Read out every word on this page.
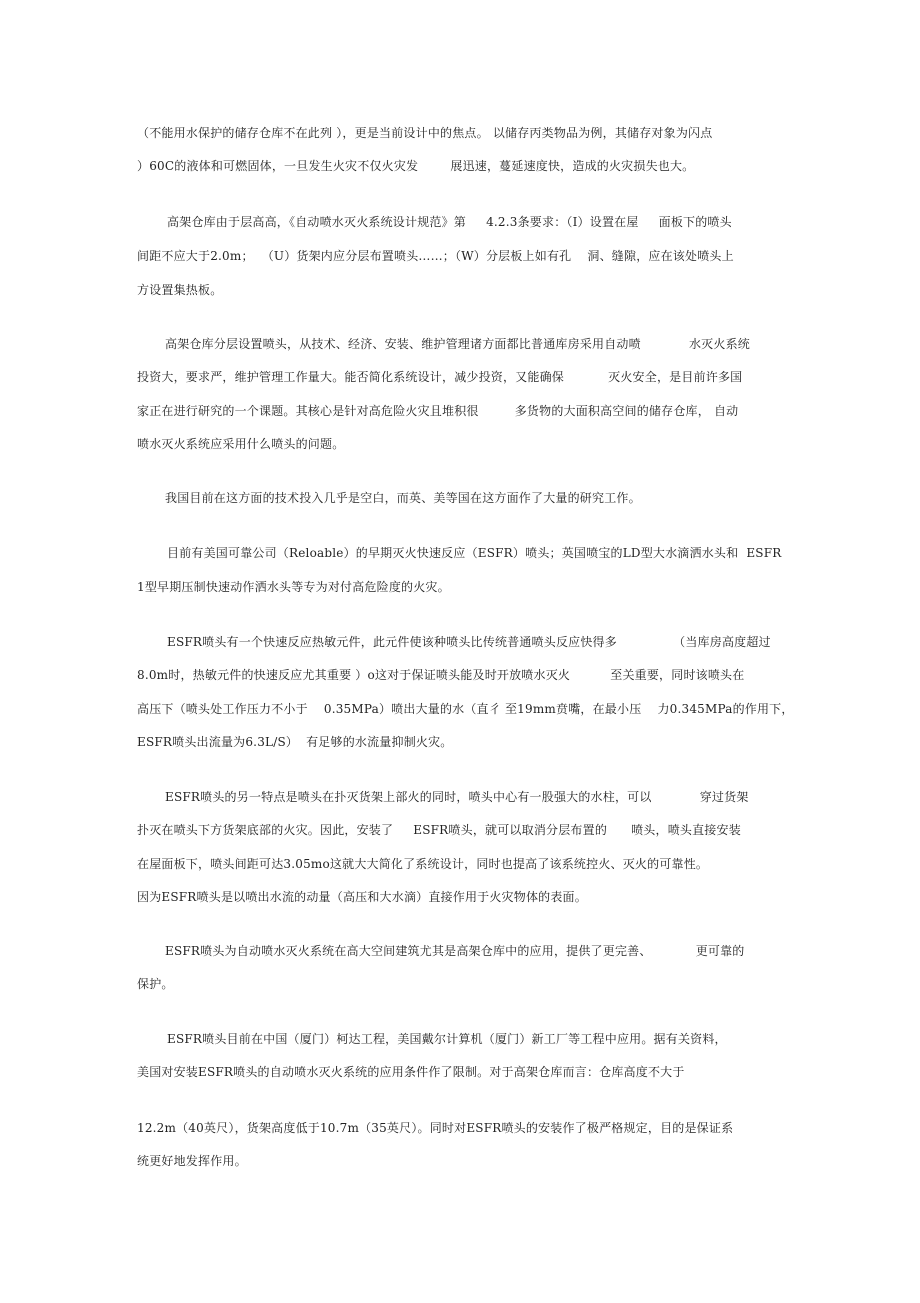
（不能用水保护的储存仓库不在此列 ），更是当前设计中的焦点。 以储存丙类物品为例，其储存对象为闪点
）60C的液体和可燃固体，一旦发生火灾不仅火灾发        展迅速，蔓延速度快，造成的火灾损失也大。
高架仓库由于层高高，《自动喷水灭火系统设计规范》第     4.2.3条要求：（I）设置在屋     面板下的喷头
间距不应大于2.0m；  （U）货架内应分层布置喷头……；（W）分层板上如有孔    洞、缝隙，应在该处喷头上
方设置集热板。
高架仓库分层设置喷头，从技术、经济、安装、维护管理诸方面都比普通库房采用自动喷            水灭火系统
投资大，要求严，维护管理工作量大。能否简化系统设计，减少投资，又能确保           灭火安全，是目前许多国
家正在进行研究的一个课题。其核心是针对高危险火灾且堆积很         多货物的大面积高空间的储存仓库， 自动
喷水灭火系统应采用什么喷头的问题。
我国目前在这方面的技术投入几乎是空白，而英、美等国在这方面作了大量的研究工作。
目前有美国可靠公司（Reloable）的早期灭火快速反应（ESFR）喷头；英国喷宝的LD型大水滴洒水头和  ESFR
1型早期压制快速动作洒水头等专为对付高危险度的火灾。
ESFR喷头有一个快速反应热敏元件，此元件使该种喷头比传统普通喷头反应快得多              （当库房高度超过
8.0m时，热敏元件的快速反应尤其重要 ）o这对于保证喷头能及时开放喷水灭火          至关重要，同时该喷头在
高压下（喷头处工作压力不小于    0.35MPa）喷出大量的水（直彳 至19mm贲嘴，在最小压    力0.345MPa的作用下，
ESFR喷头出流量为6.3L/S）  有足够的水流量抑制火灾。
ESFR喷头的另一特点是喷头在扑灭货架上部火的同时，喷头中心有一股强大的水柱，可以            穿过货架
扑灭在喷头下方货架底部的火灾。因此，安装了     ESFR喷头，就可以取消分层布置的      喷头，喷头直接安装
在屋面板下，喷头间距可达3.05mo这就大大简化了系统设计，同时也提高了该系统控火、灭火的可靠性。
因为ESFR喷头是以喷出水流的动量（高压和大水滴）直接作用于火灾物体的表面。
ESFR喷头为自动喷水灭火系统在高大空间建筑尤其是高架仓库中的应用，提供了更完善、           更可靠的
保护。
ESFR喷头目前在中国（厦门）柯达工程，美国戴尔计算机（厦门）新工厂等工程中应用。据有关资料，
美国对安装ESFR喷头的自动喷水灭火系统的应用条件作了限制。对于高架仓库而言：仓库高度不大于
12.2m（40英尺），货架高度低于10.7m（35英尺）。同时对ESFR喷头的安装作了极严格规定，目的是保证系
统更好地发挥作用。
